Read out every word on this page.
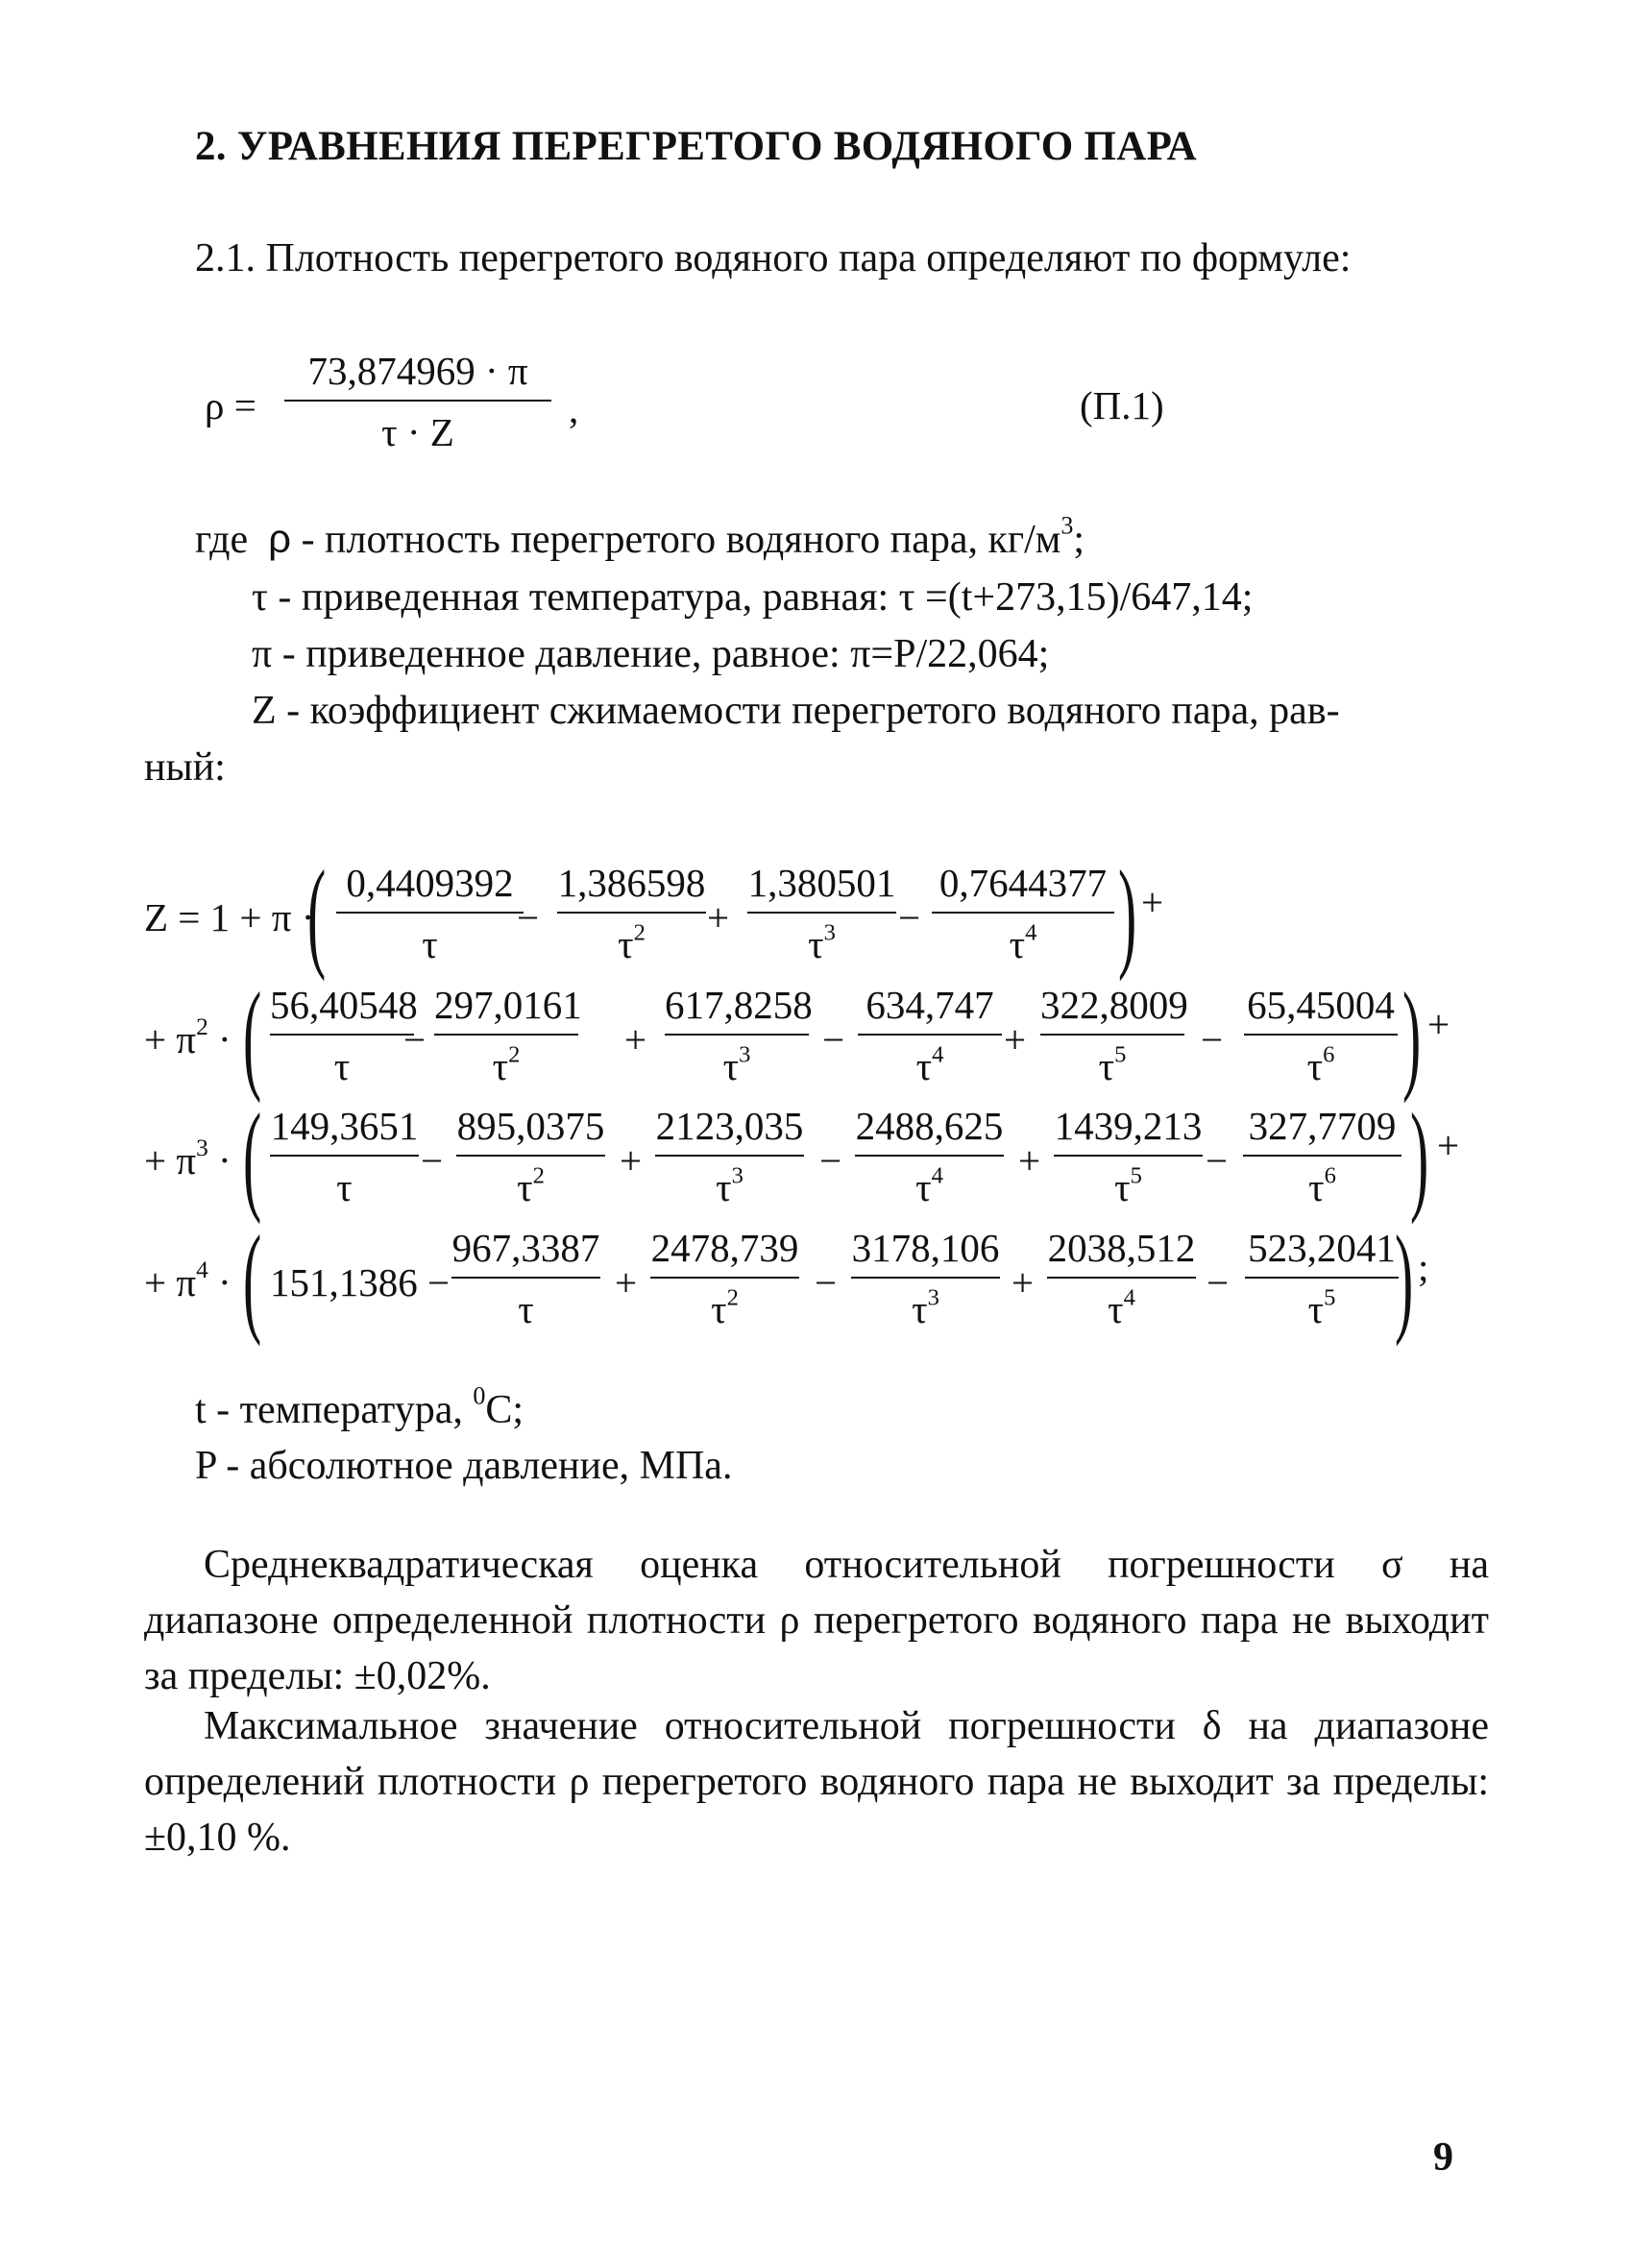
2. УРАВНЕНИЯ ПЕРЕГРЕТОГО ВОДЯНОГО ПАРА
2.1. Плотность перегретого водяного пара определяют по формуле:
ρ =
73,874969 · π
τ · Z
,	(П.1)
где ρ - плотность перегретого водяного пара, $кг/м^3$;
τ - приведенная температура, равная: τ =(t+273,15)/647,14;
π - приведенное давление, равное: π=P/22,064;
Z - коэффициент сжимаемости перегретого водяного пара, рав-
ный:
Z = 1 + π ·
( 0,4409392
τ
−
1,386598
$\tau^2$	+
1,380501
$\tau^3$	−
0,7644377
$\tau^4$ ) +
+ $\pi^2$ · ( 56,40548
τ
−
297,0161
$\tau^2$	+
617,8258
$\tau^3$	−
634,747
$\tau^4$	+
322,8009
$\tau^5$	−
65,45004
$\tau^6$ ) +
+ $\pi^3$ · ( 149,3651
τ
−
895,0375
$\tau^2$	+
2123,035
$\tau^3$	−
2488,625
$\tau^4$	+
1439,213
$\tau^5$	−
327,7709
$\tau^6$ ) +
+ $\pi^4$ · ( 151,1386 −
967,3387
τ
+
2478,739
$\tau^2$	−
3178,106
$\tau^3$	+
2038,512
$\tau^4$	−
523,2041
$\tau^5$ ) ;
t - температура, $^0$С;
P - абсолютное давление, МПа.
Среднеквадратическая оценка относительной погрешности σ на диапазоне определенной плотности ρ перегретого водяного пара не выходит за пределы: ±0,02%.
Максимальное значение относительной погрешности δ на диапазоне определений плотности ρ перегретого водяного пара не выходит за пределы: ±0,10 %.
9
